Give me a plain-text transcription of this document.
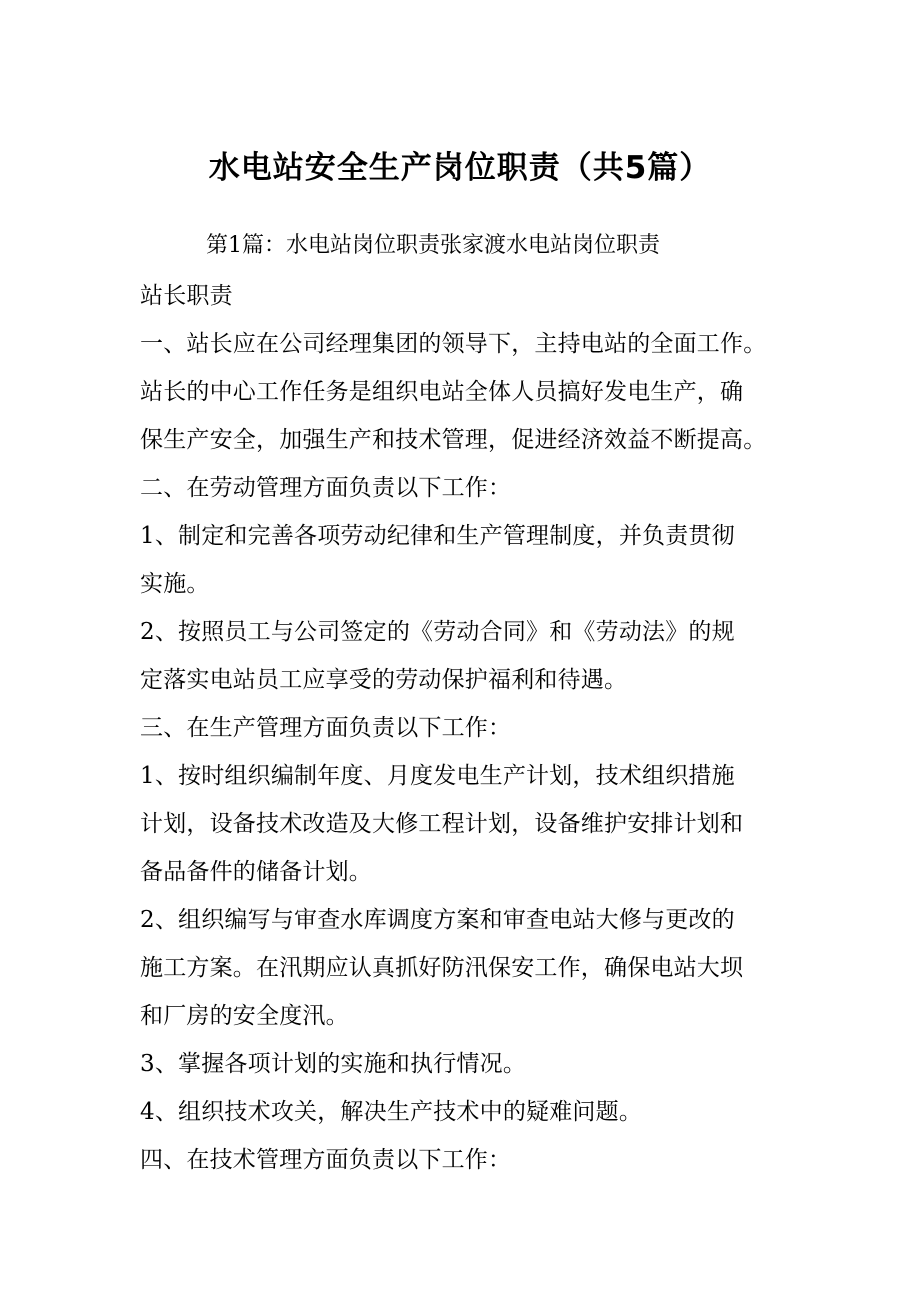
水电站安全生产岗位职责（共5篇）
第1篇：水电站岗位职责张家渡水电站岗位职责
站长职责
一、站长应在公司经理集团的领导下，主持电站的全面工作。
站长的中心工作任务是组织电站全体人员搞好发电生产，确
保生产安全，加强生产和技术管理，促进经济效益不断提高。
二、在劳动管理方面负责以下工作：
1、制定和完善各项劳动纪律和生产管理制度，并负责贯彻
实施。
2、按照员工与公司签定的《劳动合同》和《劳动法》的规
定落实电站员工应享受的劳动保护福利和待遇。
三、在生产管理方面负责以下工作：
1、按时组织编制年度、月度发电生产计划，技术组织措施
计划，设备技术改造及大修工程计划，设备维护安排计划和
备品备件的储备计划。
2、组织编写与审查水库调度方案和审查电站大修与更改的
施工方案。在汛期应认真抓好防汛保安工作，确保电站大坝
和厂房的安全度汛。
3、掌握各项计划的实施和执行情况。
4、组织技术攻关，解决生产技术中的疑难问题。
四、在技术管理方面负责以下工作：
